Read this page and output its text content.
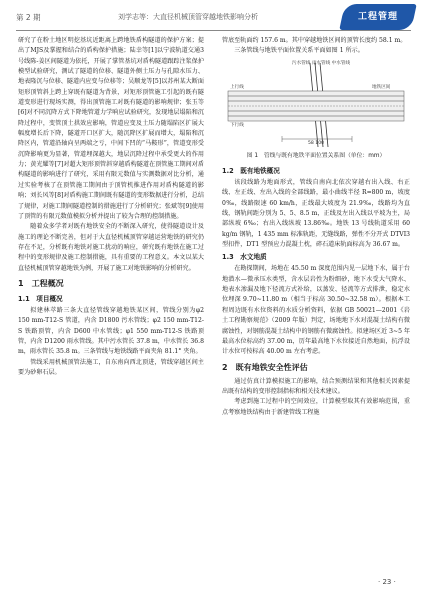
第 2 期	刘学志等：大直径机械顶管穿越地铁影响分析	工程管理

研究了在粉土地区明挖基坑近距离上跨地铁盾构隧道的保护方案；提出了MJS及掌握和结合的盾构保护措施；陆幸等[1]以宁波轨道交通3号线陈-姜区间隧道为依托，开展了掌管基坑对盾构隧道跟踪注浆保护模型试验研究，测试了隧道的位移、隧道外侧土压力与孔隙水压力、地表隆沉与位移、隧道内应变与位移等；吴顺龙等[5]以苏州某大断面矩形顶管斜上跨上穿既有隧道为背景，对矩形顶管施工引起的既有隧道变形进行现场实测，得出顶管施工对既有隧道的影响规律；张玉等[6]对不同沉降方式下降地管道力学响应试验研究，发现地层塌陷和沉降过程中，变管顶土拱效应影响，管道应变及土压力随塌陷区扩展大幅度增长后下降，隧道开口区扩大，随沉降区扩展而增大，塌陷和沉降区内，管道沿轴向呈两端之亏，中间下凹的“马鞍形”，管道变形受沉降影响更为显著，管道埋深越大，地层沉降过程中承受更大的作用力；黄光耀等[7]对超大矩形顶管斜穿越盾构隧道在顶管施工期间对盾构隧道的影响进行了研究，采用有限元数值与实测数据对比分析，通过实验考核了在顶管施工期间由于顶管机推进作用对盾构隧道的影响；刘长风等[8]对盾构施工期间既有隧道的变形数据进行分析，总结了规律，对施工期间隧道控制的措施进行了分析研究；张斌等[9]使用了顶管的有限元数值模拟分析并提出了较为合理的控制措施。

随着众多学者对既有地铁安全的不断深入研究，使得隧道设计及施工的理论不断完善，但对于大直径机械顶管穿越运营地铁的研究仍存在不足，分析既有地铁对施工扰动的响应，研究既有地铁在施工过程中的变形规律及施工控制措施，具有重要的工程意义。本文以某大直径机械顶管穿越地铁为例，开展了施工对地铁影响的分析研究。

1　工程概况
1.1　项目概况

拟建林萃路三条大直径管线穿越地铁某区间，管线分别为φ2 150 mm-T12-S 管道，内含 D1800 污水管线；φ2 150 mm-T12-S 铁路顶管，内含 D600 中水管线；φ1 550 mm-T12-S 铁路顶管，内含 D1200 雨水管线。其中污水管长 37.8 m，中水管长 36.8 m，雨水管长 35.8 m。三条管线与地铁线路平面夹角 81.1° 夹角。

管线采用机械顶管法施工，自东南向西北顶进，管线穿越区间主要为砂卵石层。

管底至轨面约 157.6 m。其中穿越地铁区间的顶管长度约 58.1 m。

三条管线与地铁平面位置关系平面如图 1 所示。

污水管线 雨水管线 中水管线
上行线
下行线
地铁区间
58 100

图 1　管线与既有地铁平面位置关系图（单位：mm）

1.2　既有地铁概况

该段线路为地面形式，管线自南向北依次穿越右出入线、右正线、左正线、左出入线的全部线路，最小曲线半径 R=800 m，坡度 0‰，线路限速 60 km/h，正线最大坡度为 21.9‰，线路均为直线，钢轨间距分别为 5、5、8.5 m，正线及左出入线以平坡为主，局部纵坡 6‰；右出入线纵坡 13.86‰。地铁 13 号线轨道采用 60 kg/m 钢轨，1 435 mm 标准轨距，无缝线路，弹性不分开式 DTVI3 型扣件，DT1 型预应力混凝土枕，碎石道床轨面标高为 36.67 m。

1.3　水文地质

在勘探期间，场地在 45.50 m 深度范围内见一层地下水，属于台地潜水—微承压水类型，含水层岩性为粉细砂，地下水受大气降水、地表水渗漏及地下径流方式补给，以蒸发、径流等方式排泄，稳定水位埋深 9.70~11.80 m（相当于标高 30.50~32.58 m）。根据本工程周边既有水位资料的水质分析资料，依据 GB 50021—2001《岩土工程勘察规范》（2009 年版）判定，场地地下水对混凝土结构有微腐蚀性，对钢筋混凝土结构中的钢筋有微腐蚀性。拟建场区近 3~5 年最高水位标高约 37.00 m，历年最高地下水位接近自然地面，抗浮设计水位可按标高 40.00 m 左右考虑。

2　既有地铁安全性评估

通过仿真计算模拟施工的影响，结合预测结果和其他相关因素提出既有结构的变形控制指标和相关技术建议。

考虑到施工过程中的空间效应，计算模型取其有效影响范围，重点考察地铁结构由于新建管线工程施

· 23 ·
